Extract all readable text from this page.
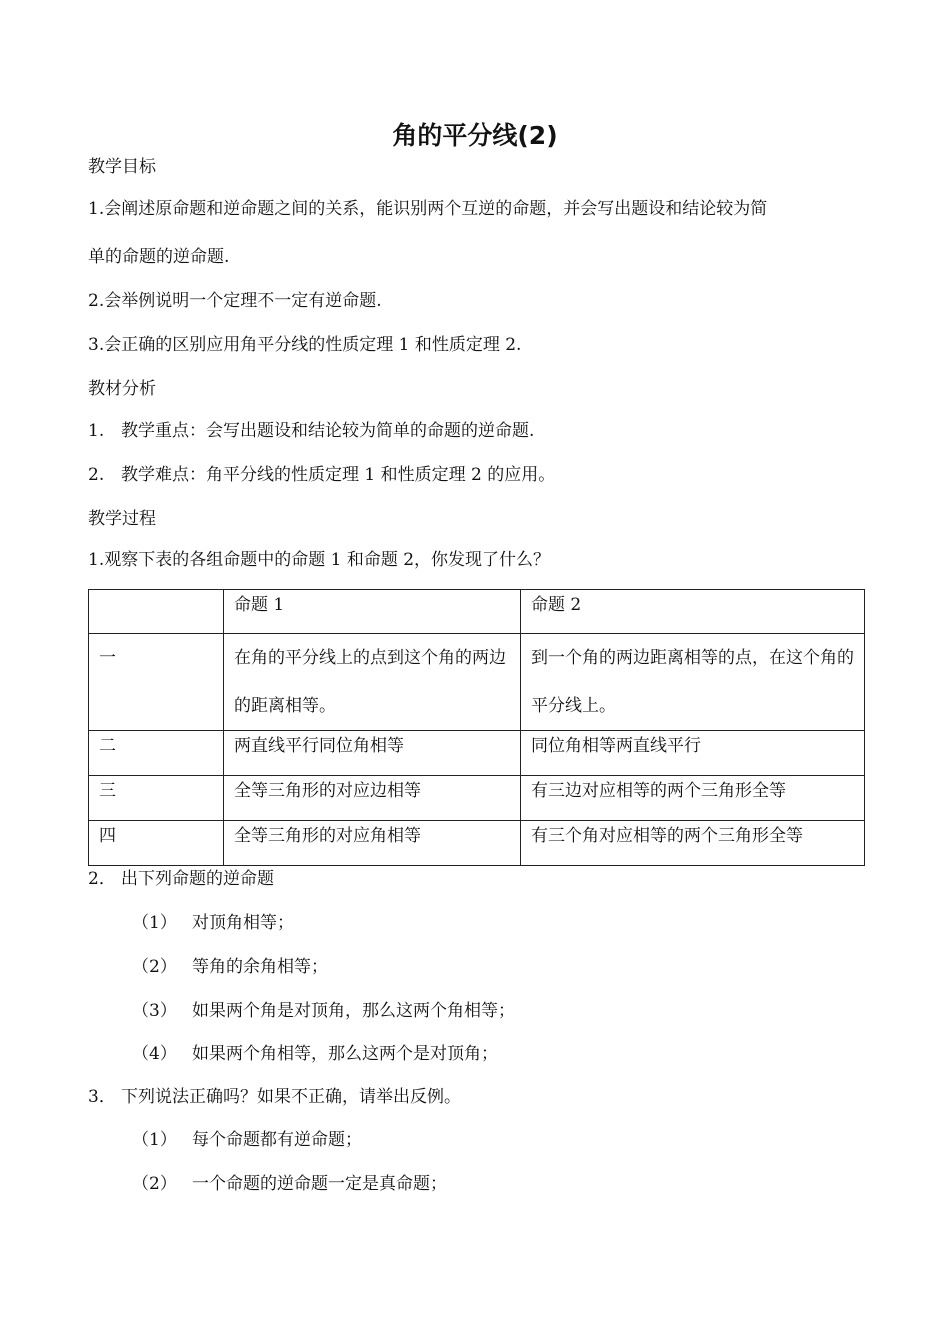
角的平分线(2)
教学目标
1.会阐述原命题和逆命题之间的关系，能识别两个互逆的命题，并会写出题设和结论较为简
单的命题的逆命题.
2.会举例说明一个定理不一定有逆命题.
3.会正确的区别应用角平分线的性质定理 1 和性质定理 2.
教材分析
1. 教学重点：会写出题设和结论较为简单的命题的逆命题.
2. 教学难点：角平分线的性质定理 1 和性质定理 2 的应用。
教学过程
1.观察下表的各组命题中的命题 1 和命题 2，你发现了什么？
	命题 1	命题 2
一	在角的平分线上的点到这个角的两边的距离相等。	到一个角的两边距离相等的点，在这个角的平分线上。
二	两直线平行同位角相等	同位角相等两直线平行
三	全等三角形的对应边相等	有三边对应相等的两个三角形全等
四	全等三角形的对应角相等	有三个角对应相等的两个三角形全等
2． 出下列命题的逆命题
（1） 对顶角相等；
（2） 等角的余角相等；
（3） 如果两个角是对顶角，那么这两个角相等；
（4） 如果两个角相等，那么这两个是对顶角；
3． 下列说法正确吗？如果不正确，请举出反例。
（1） 每个命题都有逆命题；
（2） 一个命题的逆命题一定是真命题；
